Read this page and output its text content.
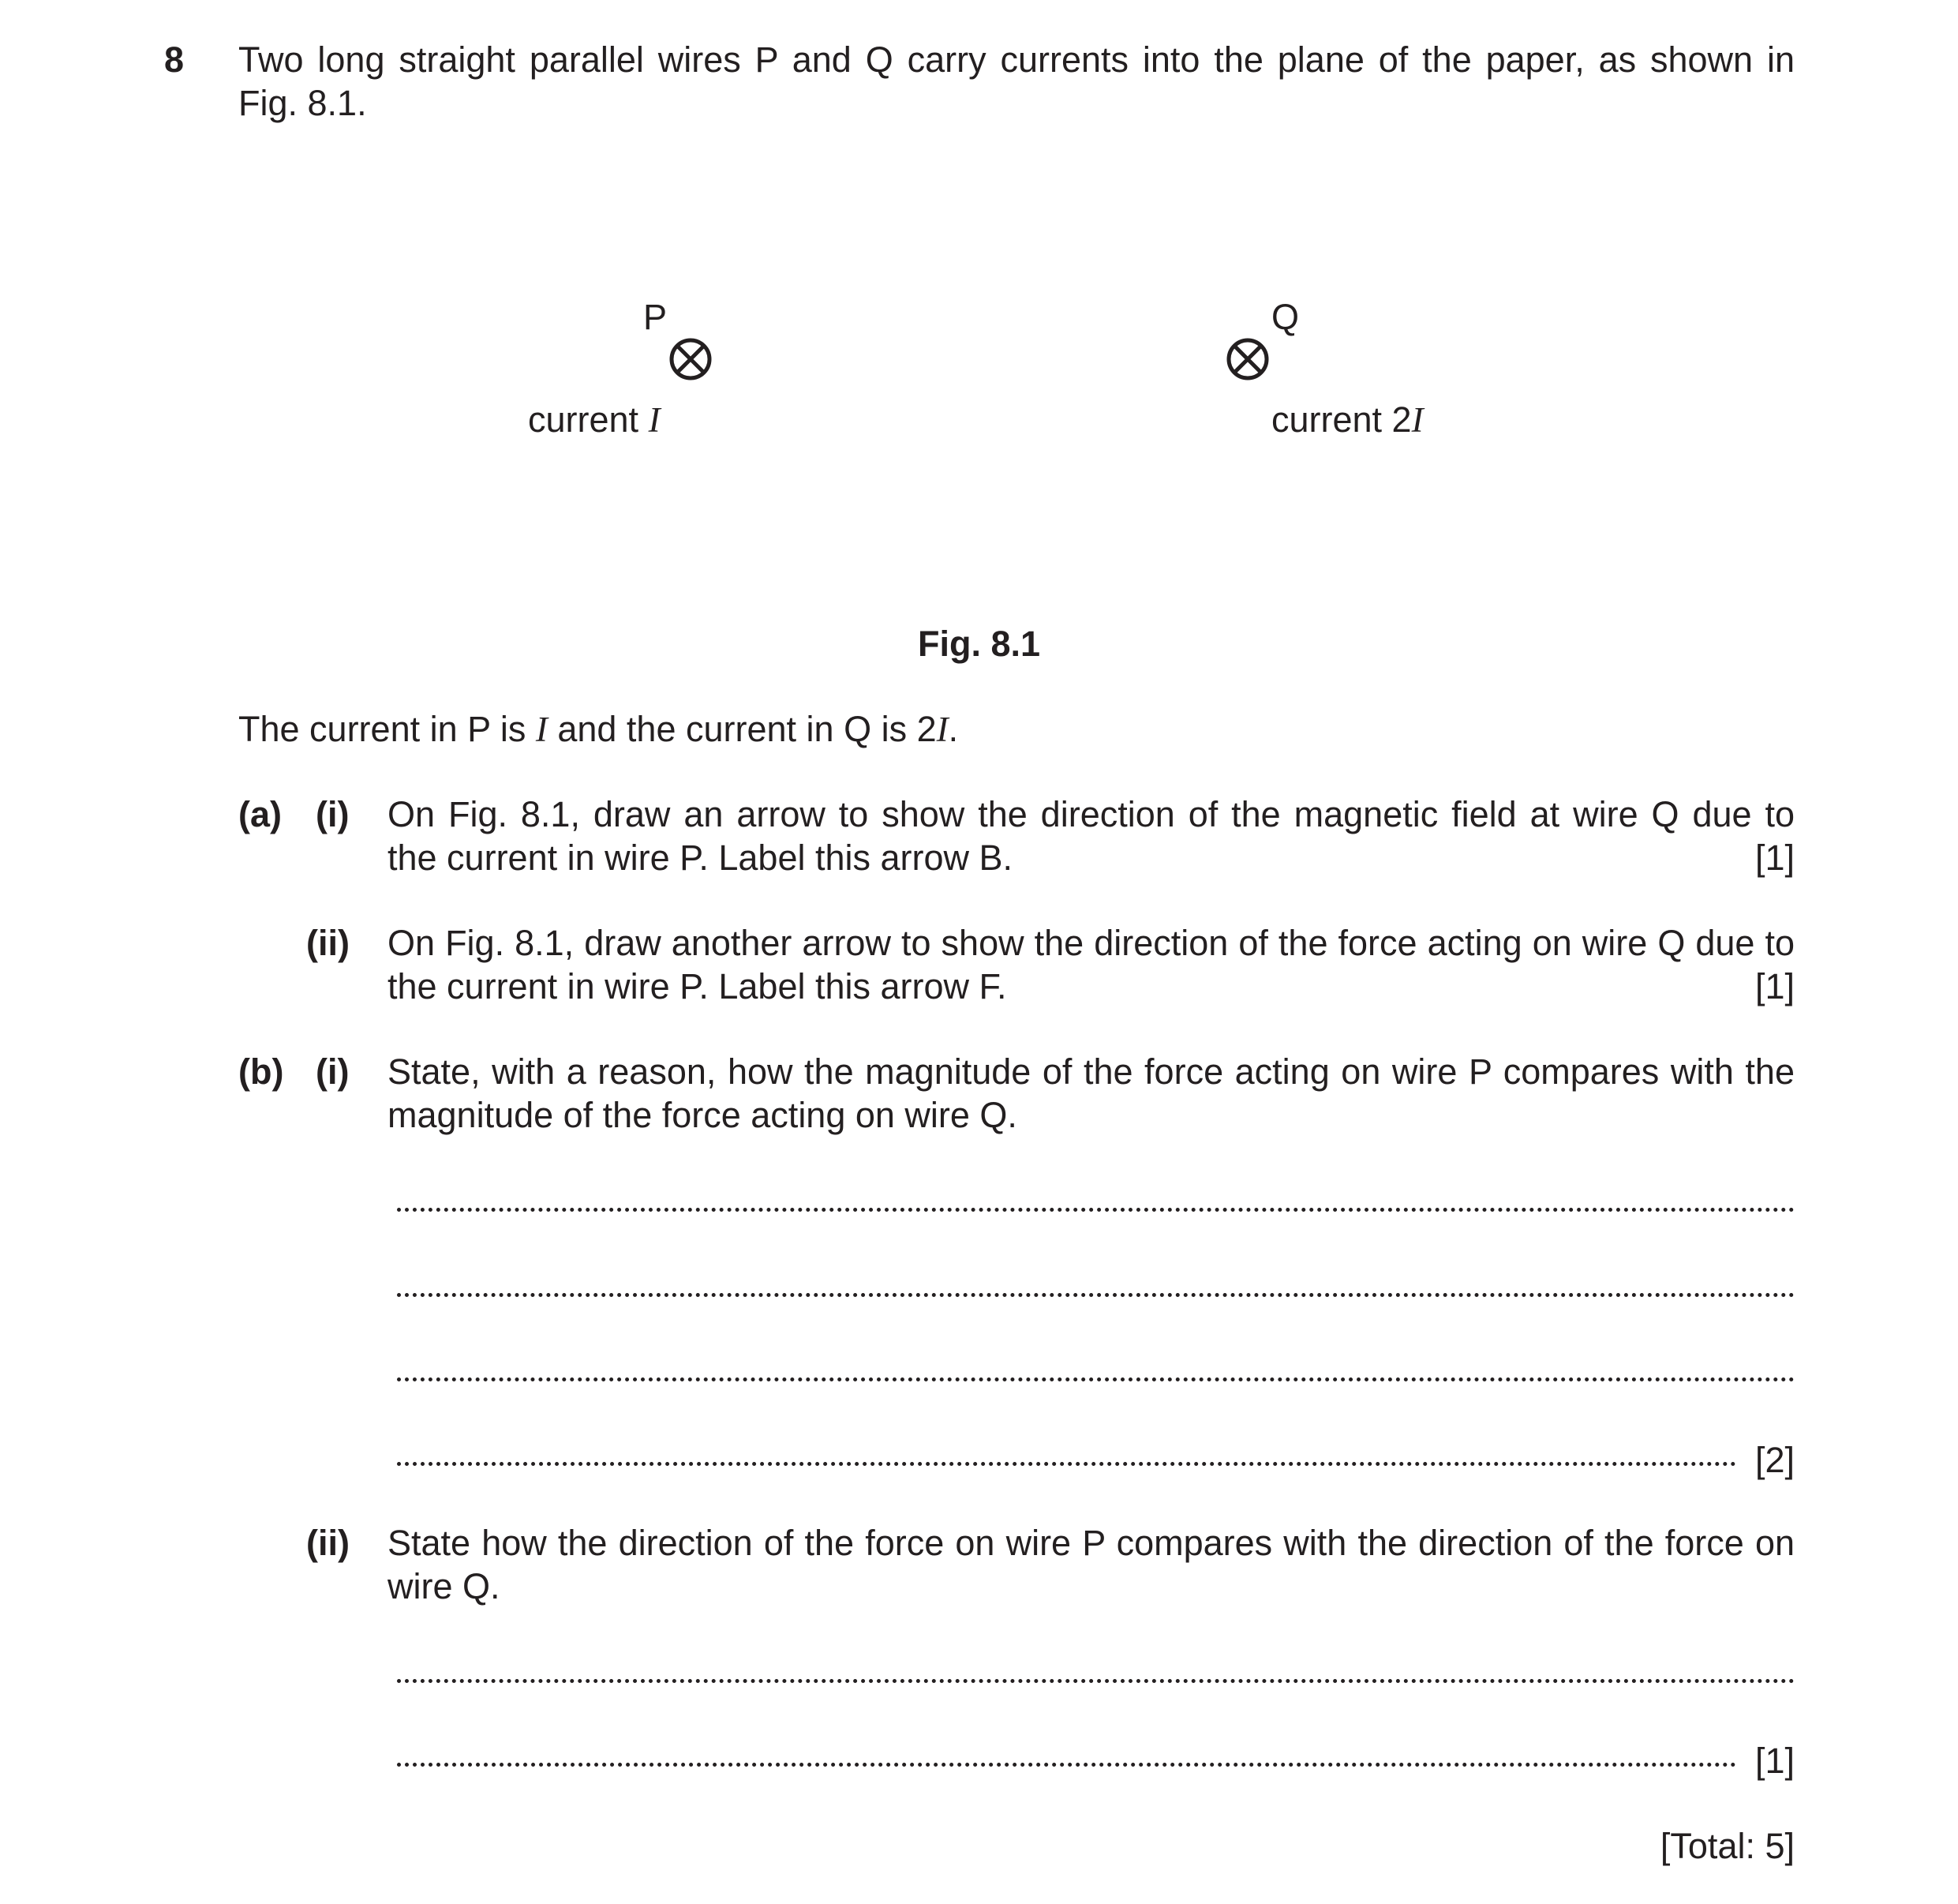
8 Two long straight parallel wires P and Q carry currents into the plane of the paper, as shown in
Fig. 8.1.
P
current I
Q
current 2I
Fig. 8.1
The current in P is I and the current in Q is 2I.
(a) (i) On Fig. 8.1, draw an arrow to show the direction of the magnetic field at wire Q due to
the current in wire P. Label this arrow B.	[1]
(ii) On Fig. 8.1, draw another arrow to show the direction of the force acting on wire Q due to
the current in wire P. Label this arrow F.	[1]
(b) (i) State, with a reason, how the magnitude of the force acting on wire P compares with the
magnitude of the force acting on wire Q.
[2]
(ii) State how the direction of the force on wire P compares with the direction of the force on
wire Q.
[1]
[Total: 5]
